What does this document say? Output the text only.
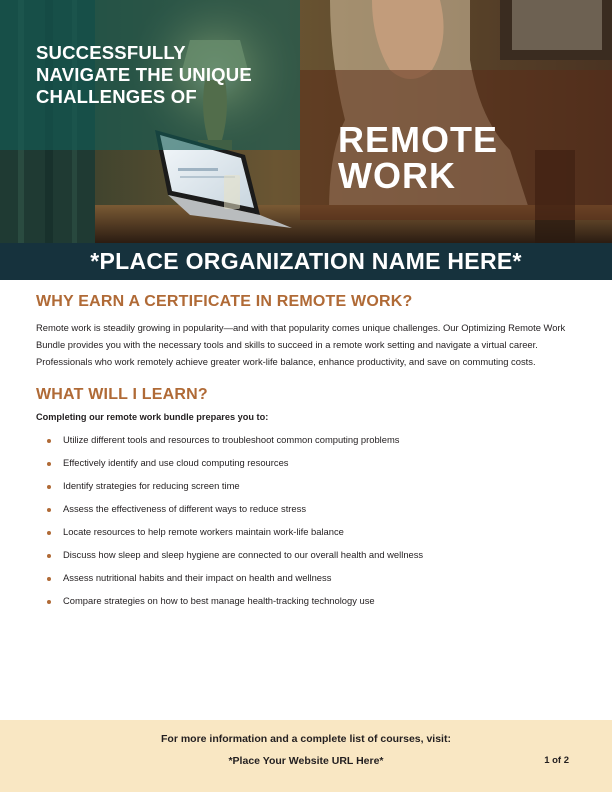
SUCCESSFULLY
NAVIGATE THE UNIQUE
CHALLENGES OF
REMOTE
WORK
*PLACE ORGANIZATION NAME HERE*
WHY EARN A CERTIFICATE IN REMOTE WORK?

Remote work is steadily growing in popularity—and with that popularity comes unique challenges. Our Optimizing Remote Work Bundle provides you with the necessary tools and skills to succeed in a remote work setting and navigate a virtual career. Professionals who work remotely achieve greater work-life balance, enhance productivity, and save on commuting costs.

WHAT WILL I LEARN?

Completing our remote work bundle prepares you to:

Utilize different tools and resources to troubleshoot common computing problems
Effectively identify and use cloud computing resources
Identify strategies for reducing screen time
Assess the effectiveness of different ways to reduce stress
Locate resources to help remote workers maintain work-life balance
Discuss how sleep and sleep hygiene are connected to our overall health and wellness
Assess nutritional habits and their impact on health and wellness
Compare strategies on how to best manage health-tracking technology use
For more information and a complete list of courses, visit:
*Place Your Website URL Here*	1 of 2
